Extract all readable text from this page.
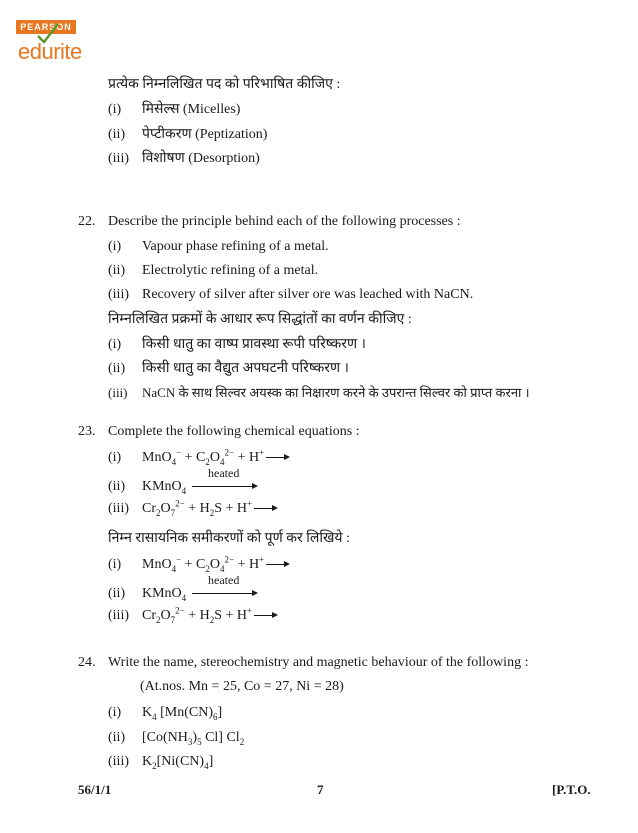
PEARSON
edurite
प्रत्येक निम्नलिखित पद को परिभाषित कीजिए :
(i) मिसेल्स (Micelles)
(ii) पेप्टीकरण (Peptization)
(iii) विशोषण (Desorption)
22. Describe the principle behind each of the following processes :
(i) Vapour phase refining of a metal.
(ii) Electrolytic refining of a metal.
(iii) Recovery of silver after silver ore was leached with NaCN.
निम्नलिखित प्रक्रमों के आधार रूप सिद्धांतों का वर्णन कीजिए :
(i) किसी धातु का वाष्प प्रावस्था रूपी परिष्करण ।
(ii) किसी धातु का वैद्युत अपघटनी परिष्करण ।
(iii) NaCN के साथ सिल्वर अयस्क का निक्षारण करने के उपरान्त सिल्वर को प्राप्त करना ।
23. Complete the following chemical equations :
(i) $MnO_4^- + C_2O_4^{2-} + H^+$
(ii) KMnO$_4$
heated
(iii) $Cr_2O_7^{2-} + H_2S + H^+$
निम्न रासायनिक समीकरणों को पूर्ण कर लिखिये :
(i) $MnO_4^- + C_2O_4^{2-} + H^+$
(ii) KMnO$_4$
heated
(iii) $Cr_2O_7^{2-} + H_2S + H^+$
24. Write the name, stereochemistry and magnetic behaviour of the following :
(At.nos. Mn = 25, Co = 27, Ni = 28)
(i) $K_4$ $[Mn(CN)_6]$
(ii) [$Co(NH_3)_5$ Cl] $Cl_2$
(iii) $K_2[Ni(CN)_4]$
56/1/1	7	[P.T.O.
